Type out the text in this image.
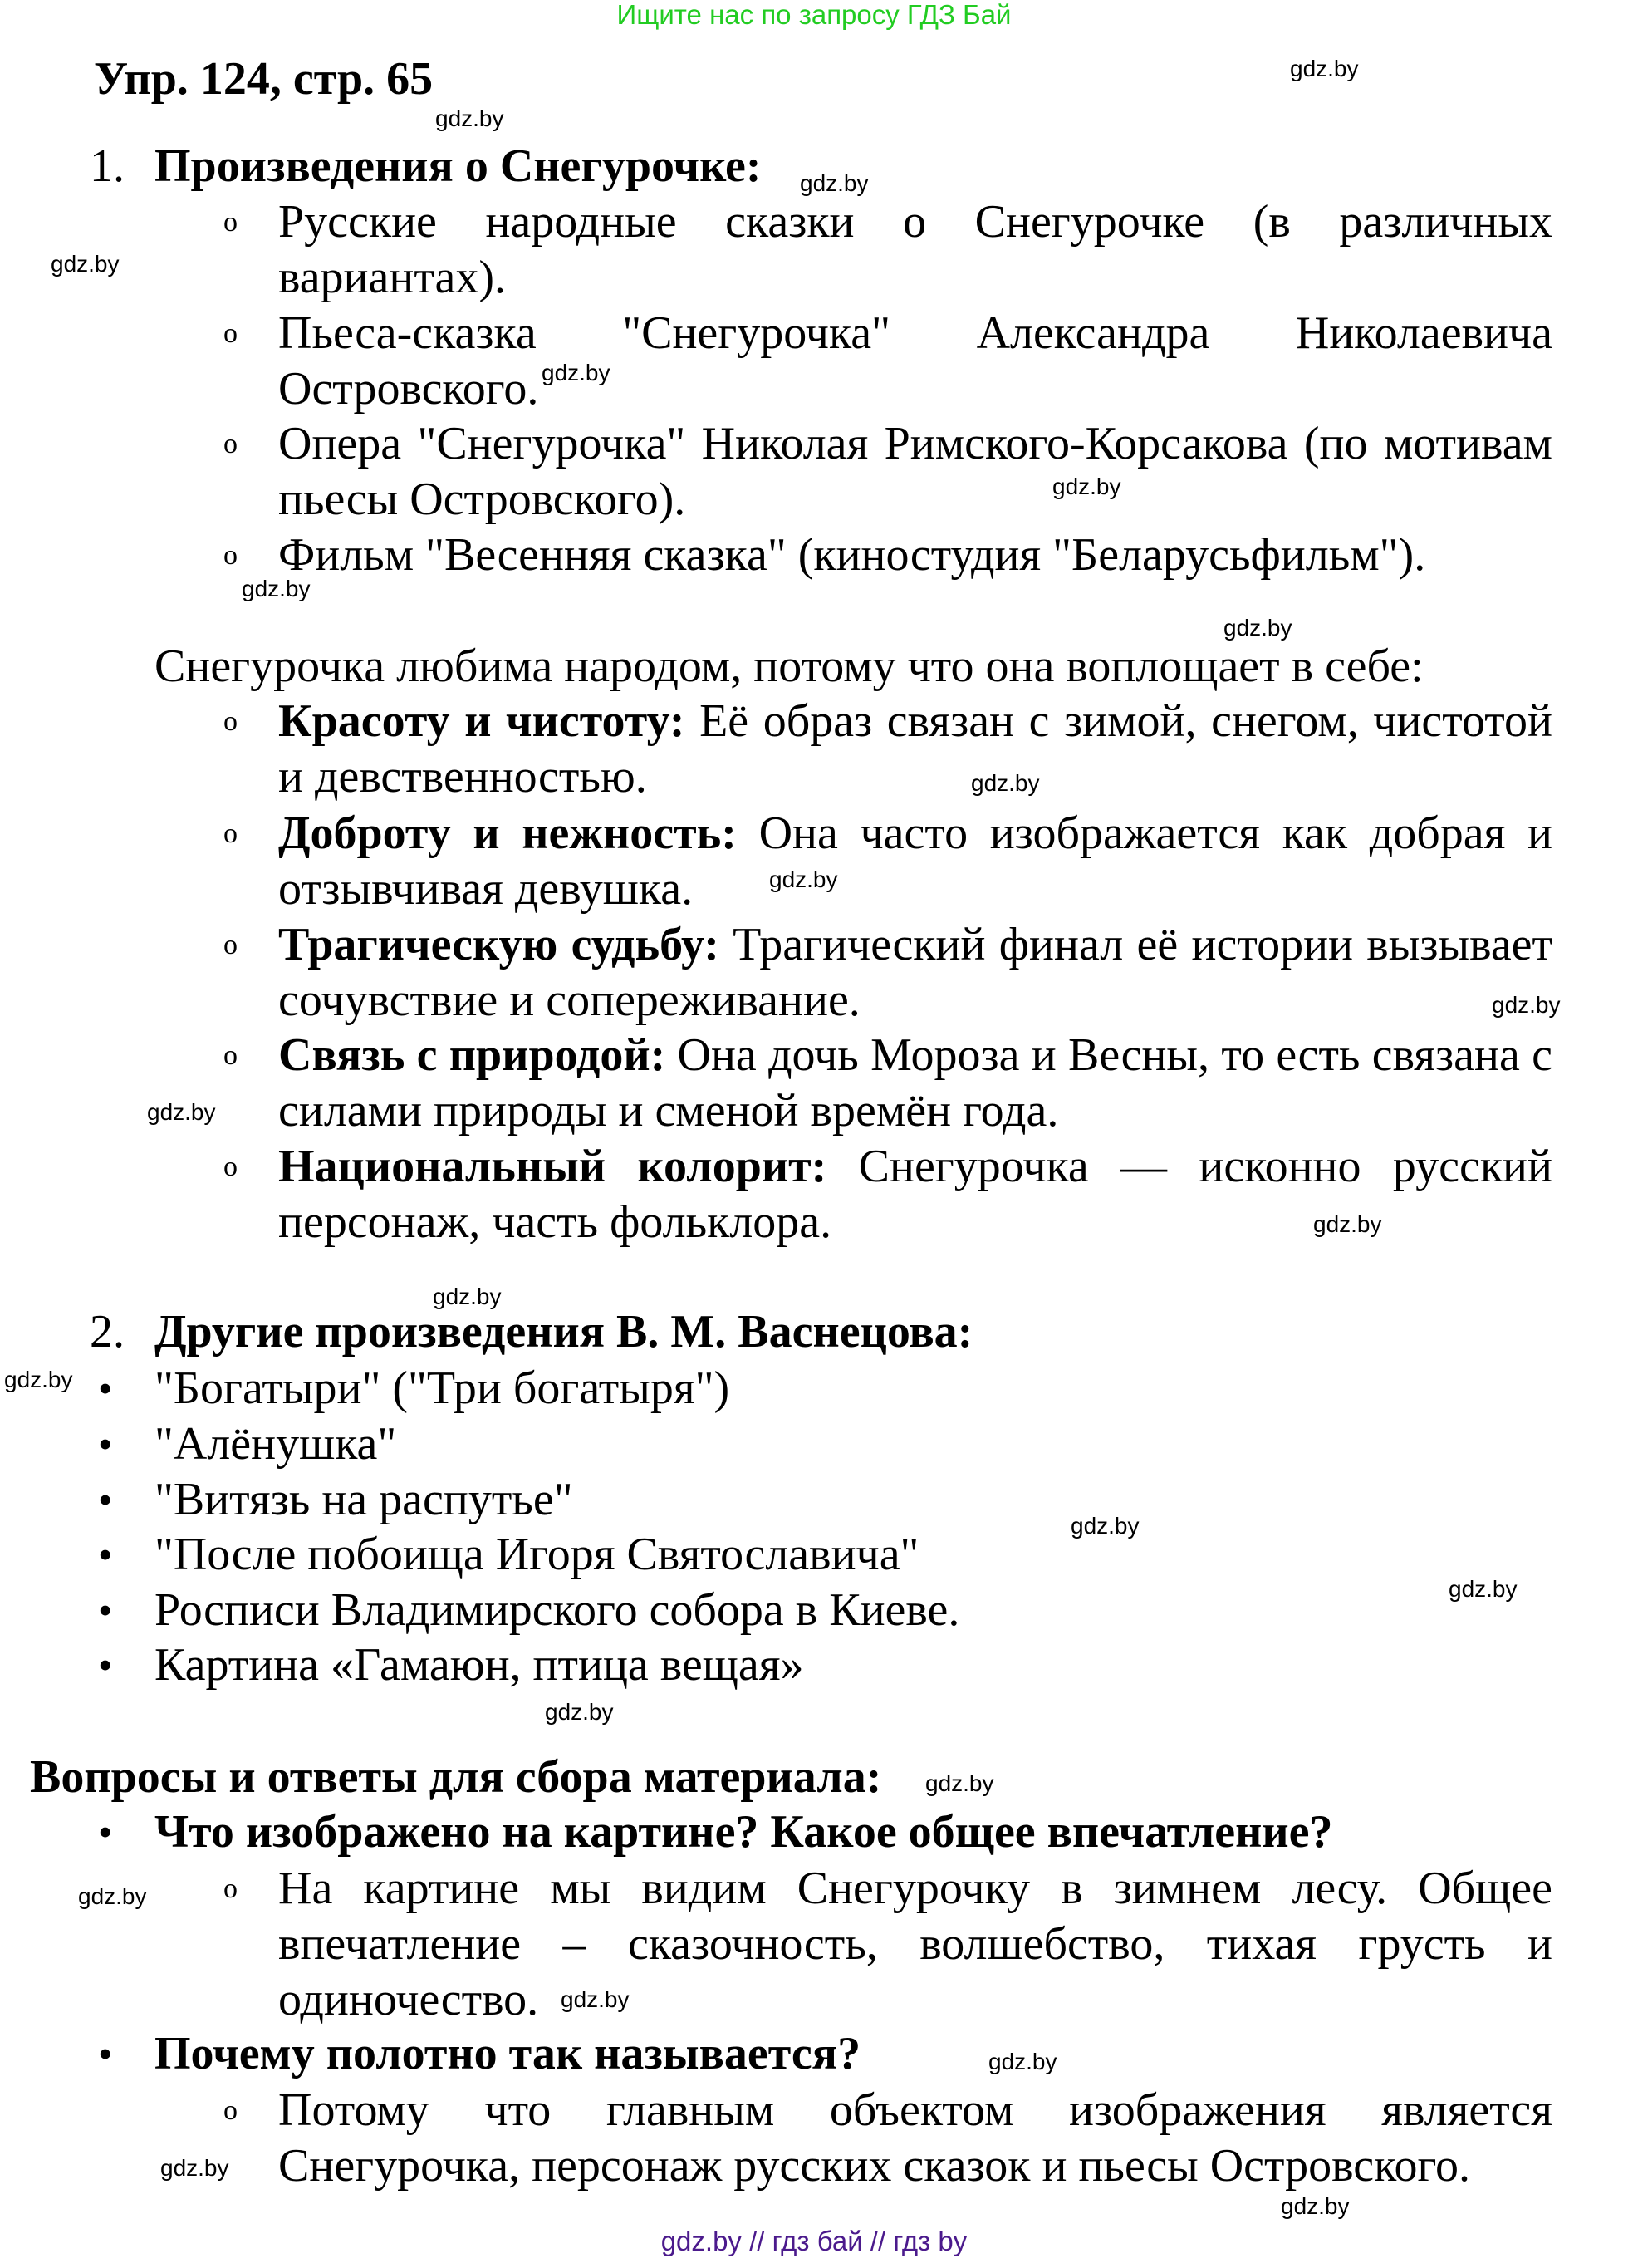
Ищите нас по запросу ГДЗ Бай
Упр. 124, стр. 65
1. Произведения о Снегурочке:
o Русские народные сказки о Снегурочке (в различных вариантах).
o Пьеса-сказка "Снегурочка" Александра Николаевича Островского.
o Опера "Снегурочка" Николая Римского-Корсакова (по мотивам пьесы Островского).
o Фильм "Весенняя сказка" (киностудия "Беларусьфильм").
Снегурочка любима народом, потому что она воплощает в себе:
o Красоту и чистоту: Её образ связан с зимой, снегом, чистотой и девственностью.
o Доброту и нежность: Она часто изображается как добрая и отзывчивая девушка.
o Трагическую судьбу: Трагический финал её истории вызывает сочувствие и сопереживание.
o Связь с природой: Она дочь Мороза и Весны, то есть связана с силами природы и сменой времён года.
o Национальный колорит: Снегурочка — исконно русский персонаж, часть фольклора.
2. Другие произведения В. М. Васнецова:
• "Богатыри" ("Три богатыря")
• "Алёнушка"
• "Витязь на распутье"
• "После побоища Игоря Святославича"
• Росписи Владимирского собора в Киеве.
• Картина «Гамаюн, птица вещая»
Вопросы и ответы для сбора материала:
• Что изображено на картине? Какое общее впечатление?
o На картине мы видим Снегурочку в зимнем лесу. Общее впечатление – сказочность, волшебство, тихая грусть и одиночество.
• Почему полотно так называется?
o Потому что главным объектом изображения является Снегурочка, персонаж русских сказок и пьесы Островского.
gdz.by
gdz.by
gdz.by
gdz.by
gdz.by
gdz.by
gdz.by
gdz.by
gdz.by
gdz.by
gdz.by
gdz.by
gdz.by
gdz.by
gdz.by
gdz.by
gdz.by
gdz.by
gdz.by
gdz.by
gdz.by
gdz.by
gdz.by
gdz.by
gdz.by // гдз бай // гдз by
